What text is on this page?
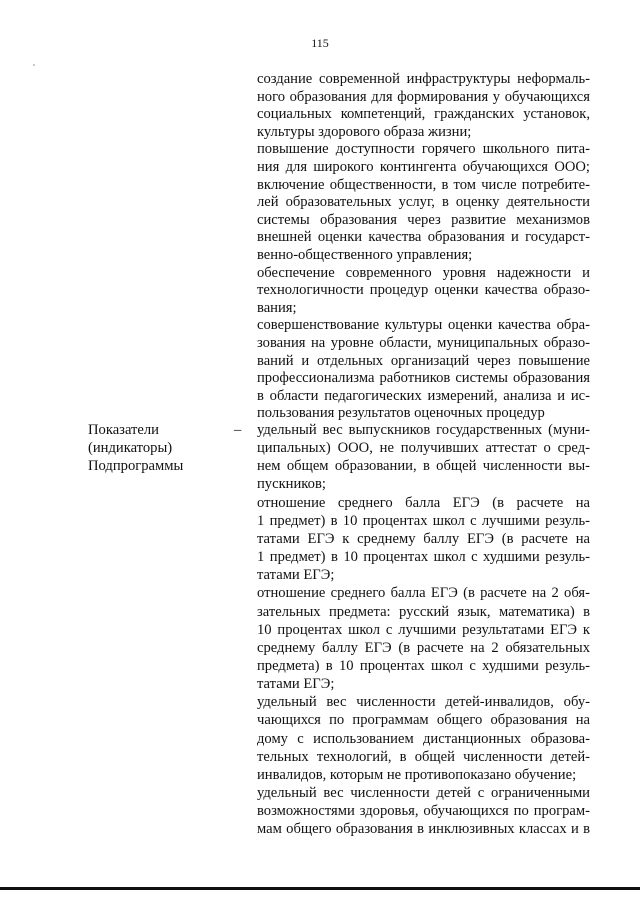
115
Показатели
(индикаторы)
Подпрограммы
–
создание современной инфраструктуры неформаль-
ного образования для формирования у обучающихся
социальных компетенций, гражданских установок,
культуры здорового образа жизни;
повышение доступности горячего школьного пита-
ния для широкого контингента обучающихся ООО;
включение общественности, в том числе потребите-
лей образовательных услуг, в оценку деятельности
системы образования через развитие механизмов
внешней оценки качества образования и государст-
венно-общественного управления;
обеспечение современного уровня надежности и
технологичности процедур оценки качества образо-
вания;
совершенствование культуры оценки качества обра-
зования на уровне области, муниципальных образо-
ваний и отдельных организаций через повышение
профессионализма работников системы образования
в области педагогических измерений, анализа и ис-
пользования результатов оценочных процедур
удельный вес выпускников государственных (муни-
ципальных) ООО, не получивших аттестат о сред-
нем общем образовании, в общей численности вы-
пускников;
отношение среднего балла ЕГЭ (в расчете на
1 предмет) в 10 процентах школ с лучшими резуль-
татами ЕГЭ к среднему баллу ЕГЭ (в расчете на
1 предмет) в 10 процентах школ с худшими резуль-
татами ЕГЭ;
отношение среднего балла ЕГЭ (в расчете на 2 обя-
зательных предмета: русский язык, математика) в
10 процентах школ с лучшими результатами ЕГЭ к
среднему баллу ЕГЭ (в расчете на 2 обязательных
предмета) в 10 процентах школ с худшими резуль-
татами ЕГЭ;
удельный вес численности детей-инвалидов, обу-
чающихся по программам общего образования на
дому с использованием дистанционных образова-
тельных технологий, в общей численности детей-
инвалидов, которым не противопоказано обучение;
удельный вес численности детей с ограниченными
возможностями здоровья, обучающихся по програм-
мам общего образования в инклюзивных классах и в
